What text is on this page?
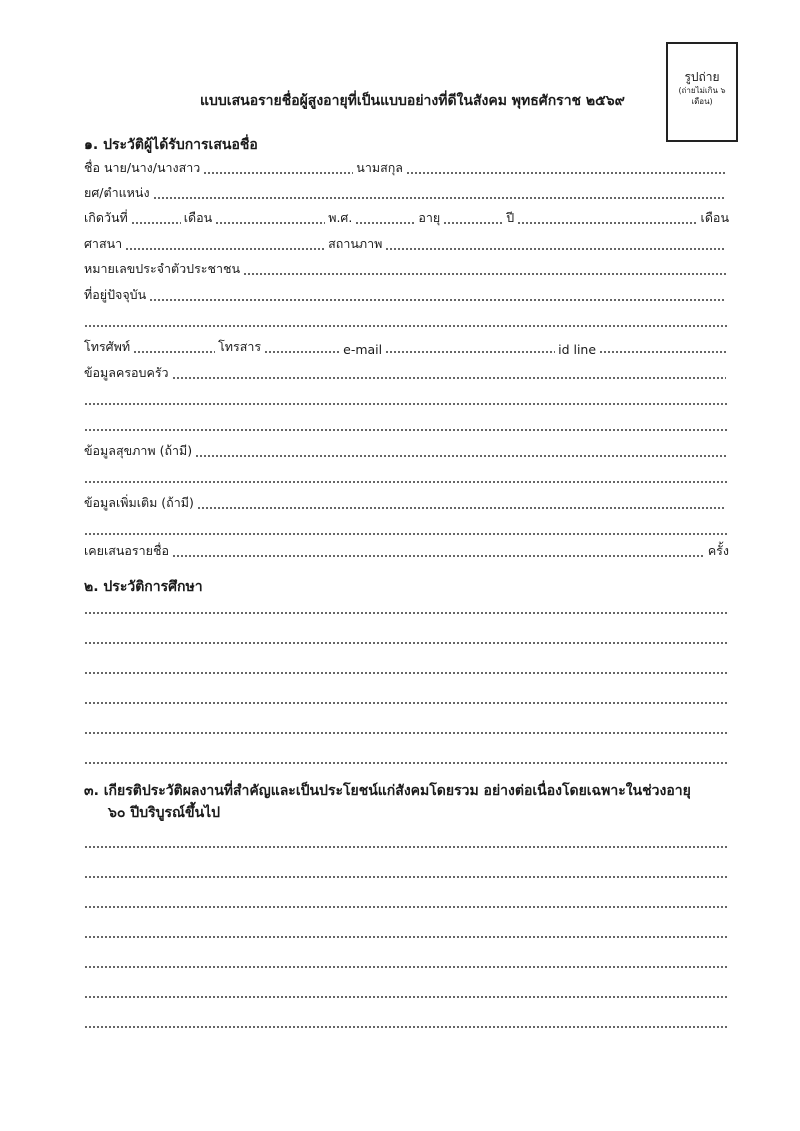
รูปถ่าย
(ถ่ายไม่เกิน ๖
เดือน)
แบบเสนอรายชื่อผู้สูงอายุที่เป็นแบบอย่างที่ดีในสังคม พุทธศักราช ๒๕๖๙
๑. ประวัติผู้ได้รับการเสนอชื่อ
ชื่อ นาย/นาง/นางสาว	นามสกุล
ยศ/ตำแหน่ง
เกิดวันที่	เดือน	พ.ศ.	อายุ	ปี	เดือน
ศาสนา	สถานภาพ
หมายเลขประจำตัวประชาชน
ที่อยู่ปัจจุบัน
โทรศัพท์	โทรสาร	e-mail	id line
ข้อมูลครอบครัว
ข้อมูลสุขภาพ (ถ้ามี)
ข้อมูลเพิ่มเติม (ถ้ามี)
เคยเสนอรายชื่อ	ครั้ง
๒. ประวัติการศึกษา
๓. เกียรติประวัติผลงานที่สำคัญและเป็นประโยชน์แก่สังคมโดยรวม อย่างต่อเนื่องโดยเฉพาะในช่วงอายุ
๖๐ ปีบริบูรณ์ขึ้นไป
